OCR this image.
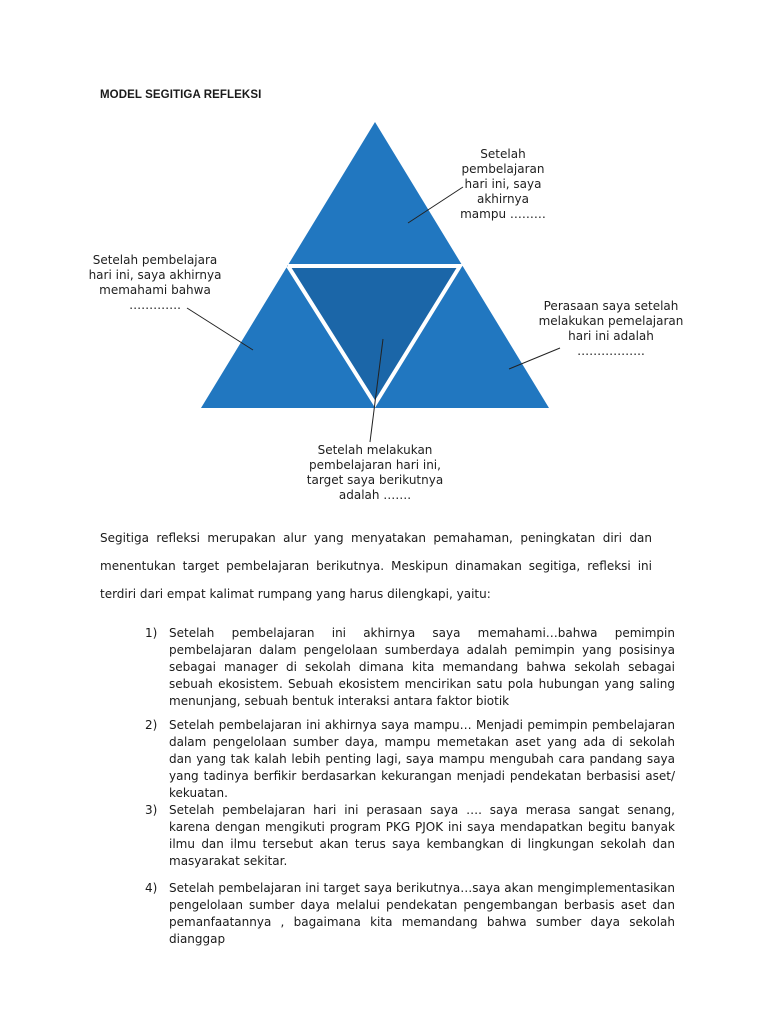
MODEL SEGITIGA REFLEKSI
Setelah pembelajaran
hari ini, saya akhirnya
mampu ………
Setelah pembelajara
hari ini, saya akhirnya
memahami bahwa
………….	Perasaan saya setelah
melakukan pemelajaran
hari ini adalah ……………..
Setelah melakukan
pembelajaran hari ini,
target saya berikutnya
adalah …….
Segitiga refleksi merupakan alur yang menyatakan pemahaman, peningkatan diri dan menentukan target pembelajaran berikutnya. Meskipun dinamakan segitiga, refleksi ini terdiri dari empat kalimat rumpang yang harus dilengkapi, yaitu:
1) Setelah pembelajaran ini akhirnya saya memahami…bahwa pemimpin pembelajaran dalam pengelolaan sumberdaya adalah pemimpin yang posisinya sebagai manager di sekolah dimana kita memandang bahwa sekolah sebagai sebuah ekosistem. Sebuah ekosistem mencirikan satu pola hubungan yang saling menunjang, sebuah bentuk interaksi antara faktor biotik
2) Setelah pembelajaran ini akhirnya saya mampu… Menjadi pemimpin pembelajaran dalam pengelolaan sumber daya, mampu memetakan aset yang ada di sekolah dan yang tak kalah lebih penting lagi, saya mampu mengubah cara pandang saya yang tadinya berfikir berdasarkan kekurangan menjadi pendekatan berbasisi aset/ kekuatan.
3) Setelah pembelajaran hari ini perasaan saya …. saya merasa sangat senang, karena dengan mengikuti program PKG PJOK ini saya mendapatkan begitu banyak ilmu dan ilmu tersebut akan terus saya kembangkan di lingkungan sekolah dan masyarakat sekitar.
4) Setelah pembelajaran ini target saya berikutnya…saya akan mengimplementasikan pengelolaan sumber daya melalui pendekatan pengembangan berbasis aset dan pemanfaatannya , bagaimana kita memandang bahwa sumber daya sekolah dianggap
